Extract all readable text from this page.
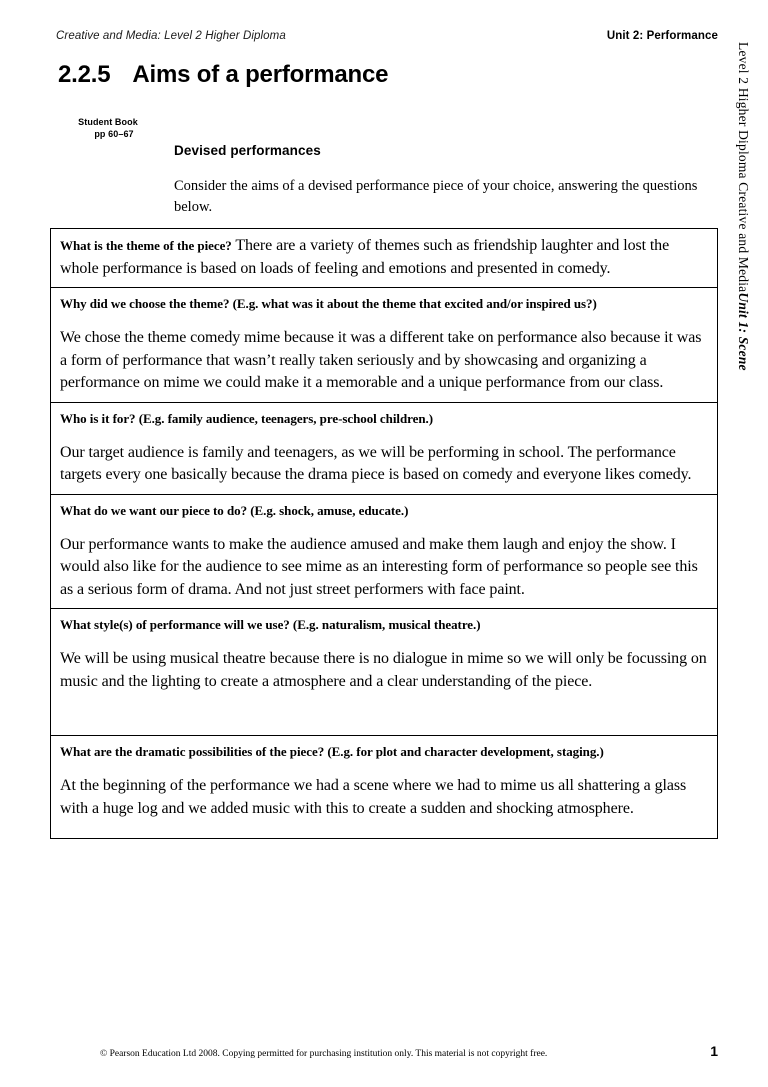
Creative and Media: Level 2 Higher Diploma	Unit 2: Performance
2.2.5 Aims of a performance
Student Book
pp 60–67
Devised performances
Consider the aims of a devised performance piece of your choice, answering the questions below.
What is the theme of the piece? There are a variety of themes such as friendship laughter and lost the whole performance is based on loads of feeling and emotions and presented in comedy.
Why did we choose the theme? (E.g. what was it about the theme that excited and/or inspired us?)
We chose the theme comedy mime because it was a different take on performance also because it was a form of performance that wasn’t really taken seriously and by showcasing and organizing a performance on mime we could make it a memorable and a unique performance from our class.
Who is it for? (E.g. family audience, teenagers, pre-school children.)
Our target audience is family and teenagers, as we will be performing in school. The performance targets every one basically because the drama piece is based on comedy and everyone likes comedy.
What do we want our piece to do? (E.g. shock, amuse, educate.)
Our performance wants to make the audience amused and make them laugh and enjoy the show. I would also like for the audience to see mime as an interesting form of performance so people see this as a serious form of drama. And not just street performers with face paint.
What style(s) of performance will we use? (E.g. naturalism, musical theatre.)
We will be using musical theatre because there is no dialogue in mime so we will only be focussing on music and the lighting to create a atmosphere and a clear understanding of the piece.
What are the dramatic possibilities of the piece? (E.g. for plot and character development, staging.)
At the beginning of the performance we had a scene where we had to mime us all shattering a glass with a huge log and we added music with this to create a sudden and shocking atmosphere.
Level 2 Higher Diploma Creative and MediaUnit 1: Scene
© Pearson Education Ltd 2008. Copying permitted for purchasing institution only. This material is not copyright free.	1
